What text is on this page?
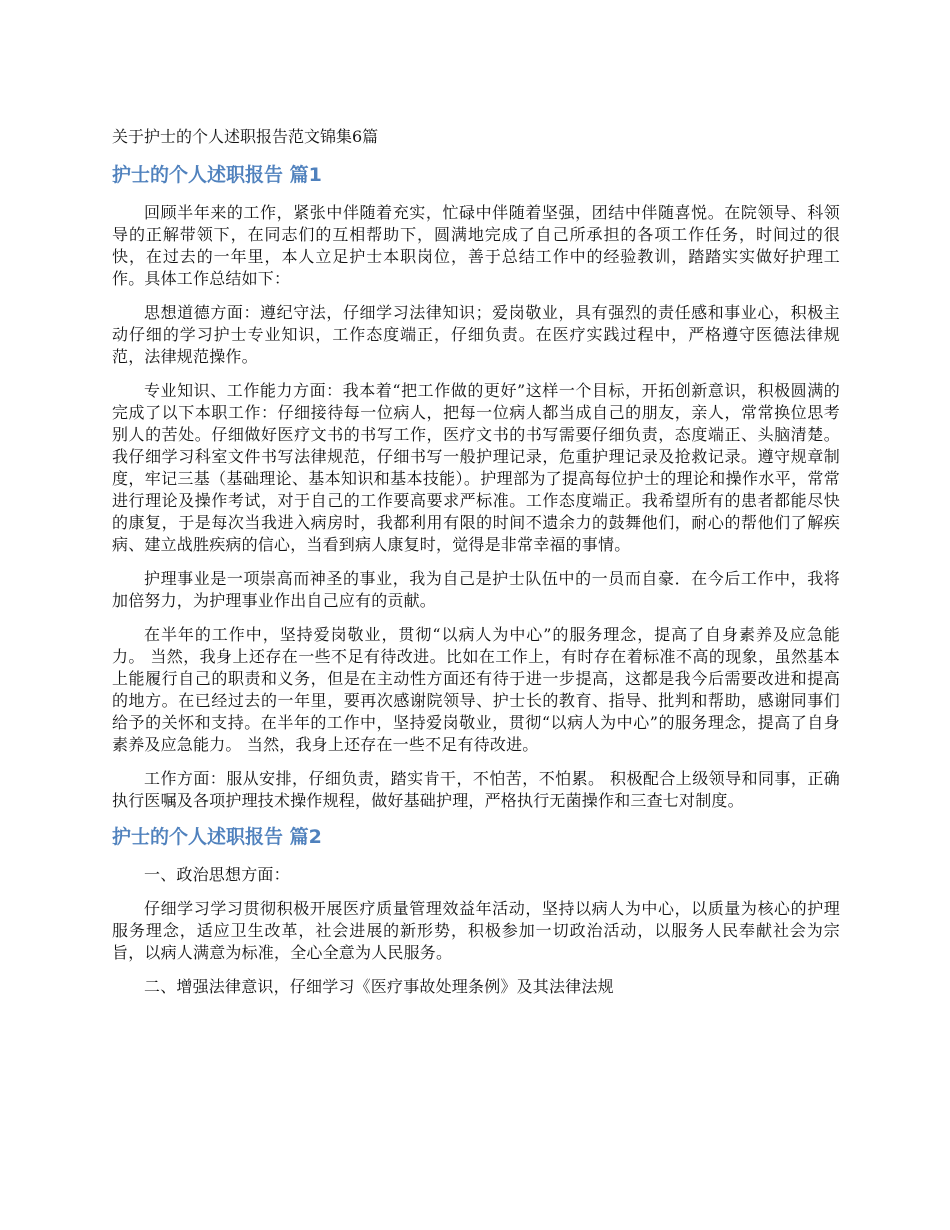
关于护士的个人述职报告范文锦集6篇
护士的个人述职报告 篇1

回顾半年来的工作，紧张中伴随着充实，忙碌中伴随着坚强，团结中伴随喜悦。在院领导、科领导的正解带领下，在同志们的互相帮助下，圆满地完成了自己所承担的各项工作任务，时间过的很快，在过去的一年里，本人立足护士本职岗位，善于总结工作中的经验教训，踏踏实实做好护理工作。具体工作总结如下：

思想道德方面：遵纪守法，仔细学习法律知识；爱岗敬业，具有强烈的责任感和事业心，积极主动仔细的学习护士专业知识，工作态度端正，仔细负责。在医疗实践过程中，严格遵守医德法律规范，法律规范操作。

专业知识、工作能力方面：我本着“把工作做的更好”这样一个目标，开拓创新意识，积极圆满的完成了以下本职工作：仔细接待每一位病人，把每一位病人都当成自己的朋友，亲人，常常换位思考别人的苦处。仔细做好医疗文书的书写工作，医疗文书的书写需要仔细负责，态度端正、头脑清楚。我仔细学习科室文件书写法律规范，仔细书写一般护理记录，危重护理记录及抢救记录。遵守规章制度，牢记三基（基础理论、基本知识和基本技能）。护理部为了提高每位护士的理论和操作水平，常常进行理论及操作考试，对于自己的工作要高要求严标准。工作态度端正。我希望所有的患者都能尽快的康复，于是每次当我进入病房时，我都利用有限的时间不遗余力的鼓舞他们，耐心的帮他们了解疾病、建立战胜疾病的信心，当看到病人康复时，觉得是非常幸福的事情。

护理事业是一项崇高而神圣的事业，我为自己是护士队伍中的一员而自豪．在今后工作中，我将加倍努力，为护理事业作出自己应有的贡献。

在半年的工作中，坚持爱岗敬业，贯彻“以病人为中心”的服务理念，提高了自身素养及应急能力。 当然，我身上还存在一些不足有待改进。比如在工作上，有时存在着标准不高的现象，虽然基本上能履行自己的职责和义务，但是在主动性方面还有待于进一步提高，这都是我今后需要改进和提高的地方。在已经过去的一年里，要再次感谢院领导、护士长的教育、指导、批判和帮助，感谢同事们给予的关怀和支持。在半年的工作中，坚持爱岗敬业，贯彻“以病人为中心”的服务理念，提高了自身素养及应急能力。 当然，我身上还存在一些不足有待改进。

工作方面：服从安排，仔细负责，踏实肯干，不怕苦，不怕累。 积极配合上级领导和同事，正确执行医嘱及各项护理技术操作规程，做好基础护理，严格执行无菌操作和三查七对制度。

护士的个人述职报告 篇2

一、政治思想方面：

仔细学习学习贯彻积极开展医疗质量管理效益年活动，坚持以病人为中心，以质量为核心的护理服务理念，适应卫生改革，社会进展的新形势，积极参加一切政治活动，以服务人民奉献社会为宗旨，以病人满意为标准，全心全意为人民服务。

二、增强法律意识，仔细学习《医疗事故处理条例》及其法律法规
